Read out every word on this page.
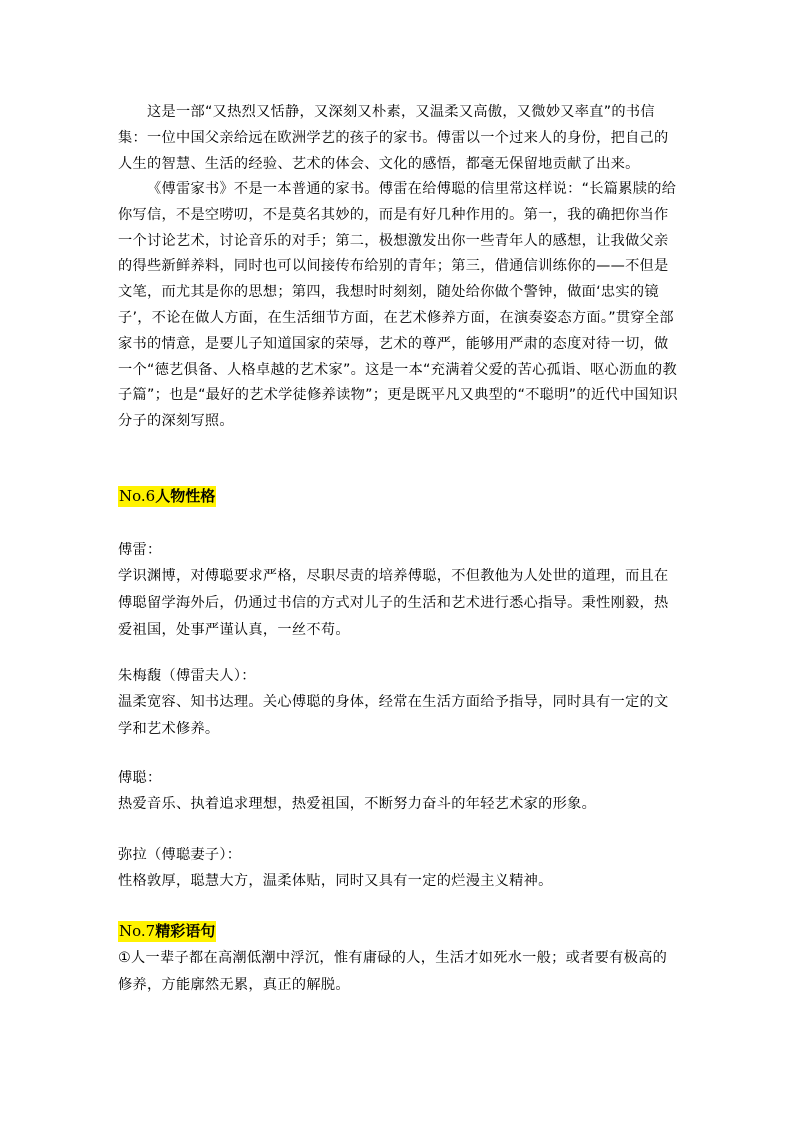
这是一部“又热烈又恬静，又深刻又朴素，又温柔又高傲，又微妙又率直”的书信集：一位中国父亲给远在欧洲学艺的孩子的家书。傅雷以一个过来人的身份，把自己的人生的智慧、生活的经验、艺术的体会、文化的感悟，都毫无保留地贡献了出来。

《傅雷家书》不是一本普通的家书。傅雷在给傅聪的信里常这样说：“长篇累牍的给你写信，不是空唠叨，不是莫名其妙的，而是有好几种作用的。第一，我的确把你当作一个讨论艺术，讨论音乐的对手；第二，极想激发出你一些青年人的感想，让我做父亲的得些新鲜养料，同时也可以间接传布给别的青年；第三，借通信训练你的——不但是文笔，而尤其是你的思想；第四，我想时时刻刻，随处给你做个警钟，做面‘忠实的镜子’，不论在做人方面，在生活细节方面，在艺术修养方面，在演奏姿态方面。”贯穿全部家书的情意，是要儿子知道国家的荣辱，艺术的尊严，能够用严肃的态度对待一切，做一个“德艺俱备、人格卓越的艺术家”。这是一本“充满着父爱的苦心孤诣、呕心沥血的教子篇”；也是“最好的艺术学徒修养读物”；更是既平凡又典型的“不聪明”的近代中国知识分子的深刻写照。

No.6人物性格

傅雷：

学识渊博，对傅聪要求严格，尽职尽责的培养傅聪，不但教他为人处世的道理，而且在傅聪留学海外后，仍通过书信的方式对儿子的生活和艺术进行悉心指导。秉性刚毅，热爱祖国，处事严谨认真，一丝不苟。

朱梅馥（傅雷夫人）：

温柔宽容、知书达理。关心傅聪的身体，经常在生活方面给予指导，同时具有一定的文学和艺术修养。

傅聪：

热爱音乐、执着追求理想，热爱祖国，不断努力奋斗的年轻艺术家的形象。

弥拉（傅聪妻子）：

性格敦厚，聪慧大方，温柔体贴，同时又具有一定的烂漫主义精神。

No.7精彩语句

①人一辈子都在高潮低潮中浮沉，惟有庸碌的人，生活才如死水一般；或者要有极高的修养，方能廓然无累，真正的解脱。
